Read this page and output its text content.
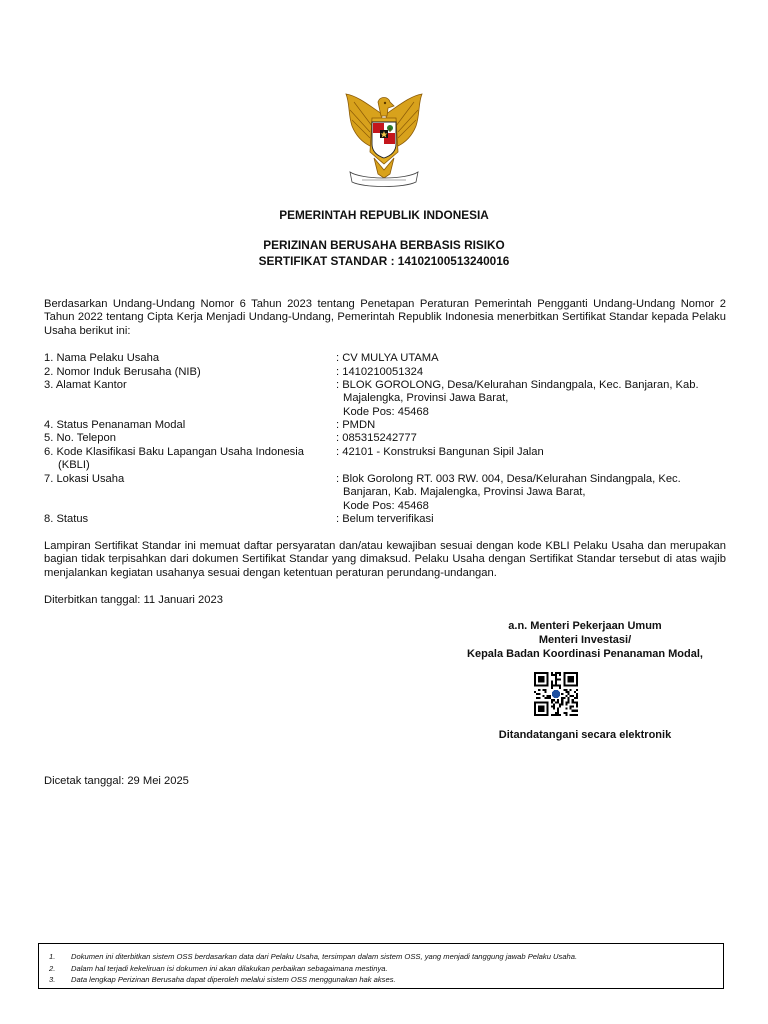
PEMERINTAH REPUBLIK INDONESIA
PERIZINAN BERUSAHA BERBASIS RISIKO
SERTIFIKAT STANDAR : 14102100513240016
Berdasarkan Undang-Undang Nomor 6 Tahun 2023 tentang Penetapan Peraturan Pemerintah Pengganti Undang-Undang Nomor 2 Tahun 2022 tentang Cipta Kerja Menjadi Undang-Undang, Pemerintah Republik Indonesia menerbitkan Sertifikat Standar kepada Pelaku Usaha berikut ini:
1. Nama Pelaku Usaha	: CV MULYA UTAMA
2. Nomor Induk Berusaha (NIB)	: 1410210051324
3. Alamat Kantor	: BLOK GOROLONG, Desa/Kelurahan Sindangpala, Kec. Banjaran, Kab.
Majalengka, Provinsi Jawa Barat,
Kode Pos: 45468
4. Status Penanaman Modal	: PMDN
5. No. Telepon	: 085315242777
6. Kode Klasifikasi Baku Lapangan Usaha Indonesia
(KBLI)
: 42101 - Konstruksi Bangunan Sipil Jalan
7. Lokasi Usaha	: Blok Gorolong RT. 003 RW. 004, Desa/Kelurahan Sindangpala, Kec.
Banjaran, Kab. Majalengka, Provinsi Jawa Barat,
Kode Pos: 45468
8. Status	: Belum terverifikasi
Lampiran Sertifikat Standar ini memuat daftar persyaratan dan/atau kewajiban sesuai dengan kode KBLI Pelaku Usaha dan merupakan bagian tidak terpisahkan dari dokumen Sertifikat Standar yang dimaksud. Pelaku Usaha dengan Sertifikat Standar tersebut di atas wajib menjalankan kegiatan usahanya sesuai dengan ketentuan peraturan perundang-undangan.
Diterbitkan tanggal: 11 Januari 2023
a.n. Menteri Pekerjaan Umum
Menteri Investasi/
Kepala Badan Koordinasi Penanaman Modal,
Ditandatangani secara elektronik
Dicetak tanggal: 29 Mei 2025
1. Dokumen ini diterbitkan sistem OSS berdasarkan data dari Pelaku Usaha, tersimpan dalam sistem OSS, yang menjadi tanggung jawab Pelaku Usaha.
2. Dalam hal terjadi kekeliruan isi dokumen ini akan dilakukan perbaikan sebagaimana mestinya.
3. Data lengkap Perizinan Berusaha dapat diperoleh melalui sistem OSS menggunakan hak akses.
